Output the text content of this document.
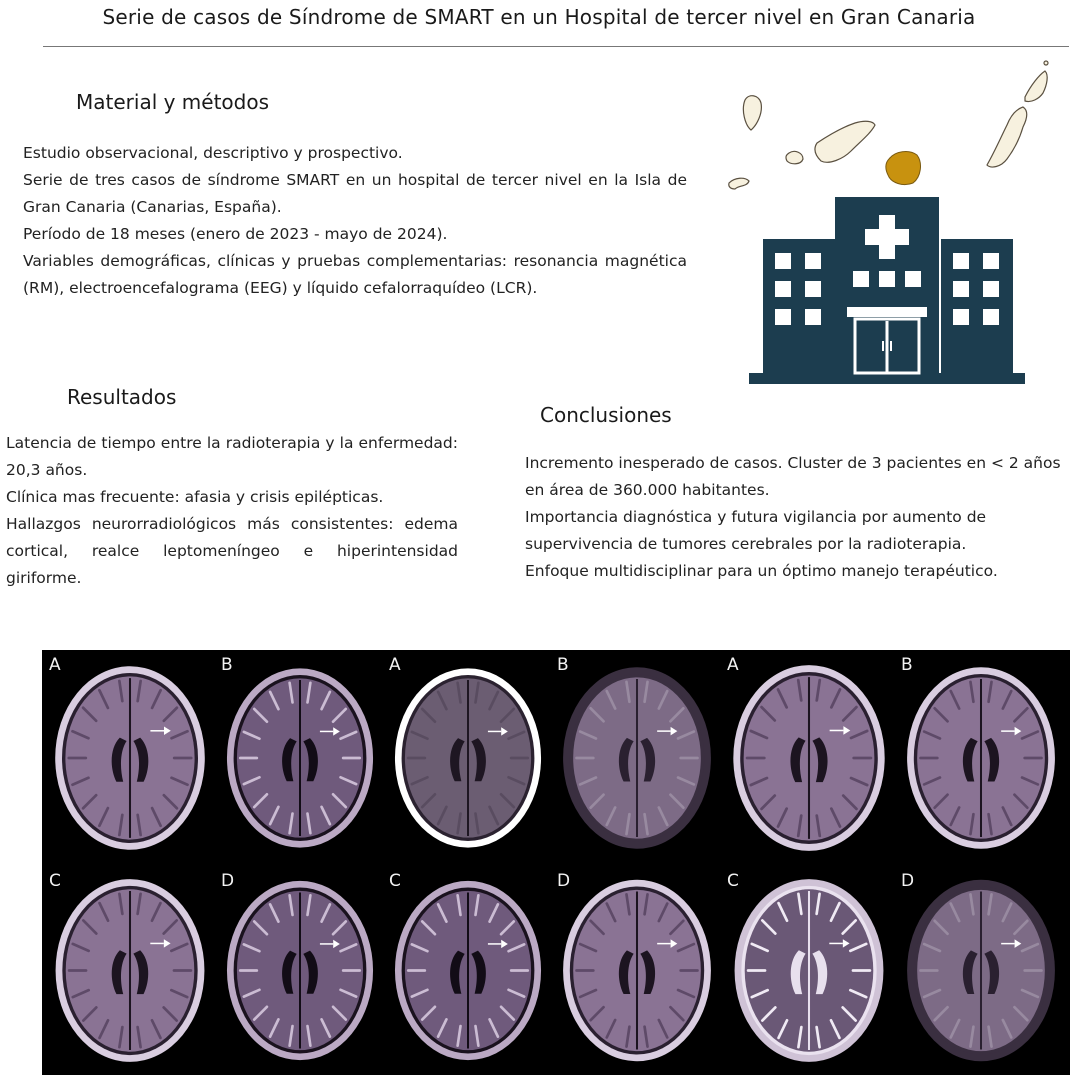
Serie de casos de Síndrome de SMART en un Hospital de tercer nivel en Gran Canaria
Material y métodos

Estudio observacional, descriptivo y prospectivo.

Serie de tres casos de síndrome SMART en un hospital de tercer nivel en la Isla de Gran Canaria (Canarias, España).

Período de 18 meses (enero de 2023 - mayo de 2024).

Variables demográficas, clínicas y pruebas complementarias: resonancia magnética (RM), electroencefalograma (EEG) y líquido cefalorraquídeo (LCR).

Resultados

Latencia de tiempo entre la radioterapia y la enfermedad: 20,3 años.

Clínica mas frecuente: afasia y crisis epilépticas.

Hallazgos neurorradiológicos más consistentes: edema cortical, realce leptomeníngeo e hiperintensidad giriforme.

Conclusiones

Incremento inesperado de casos. Cluster de 3 pacientes en < 2 años en área de 360.000 habitantes.

Importancia diagnóstica y futura vigilancia por aumento de supervivencia de tumores cerebrales por la radioterapia.

Enfoque multidisciplinar para un óptimo manejo terapéutico.

A	B	A	B	A	B
C	D	C	D	C	D
